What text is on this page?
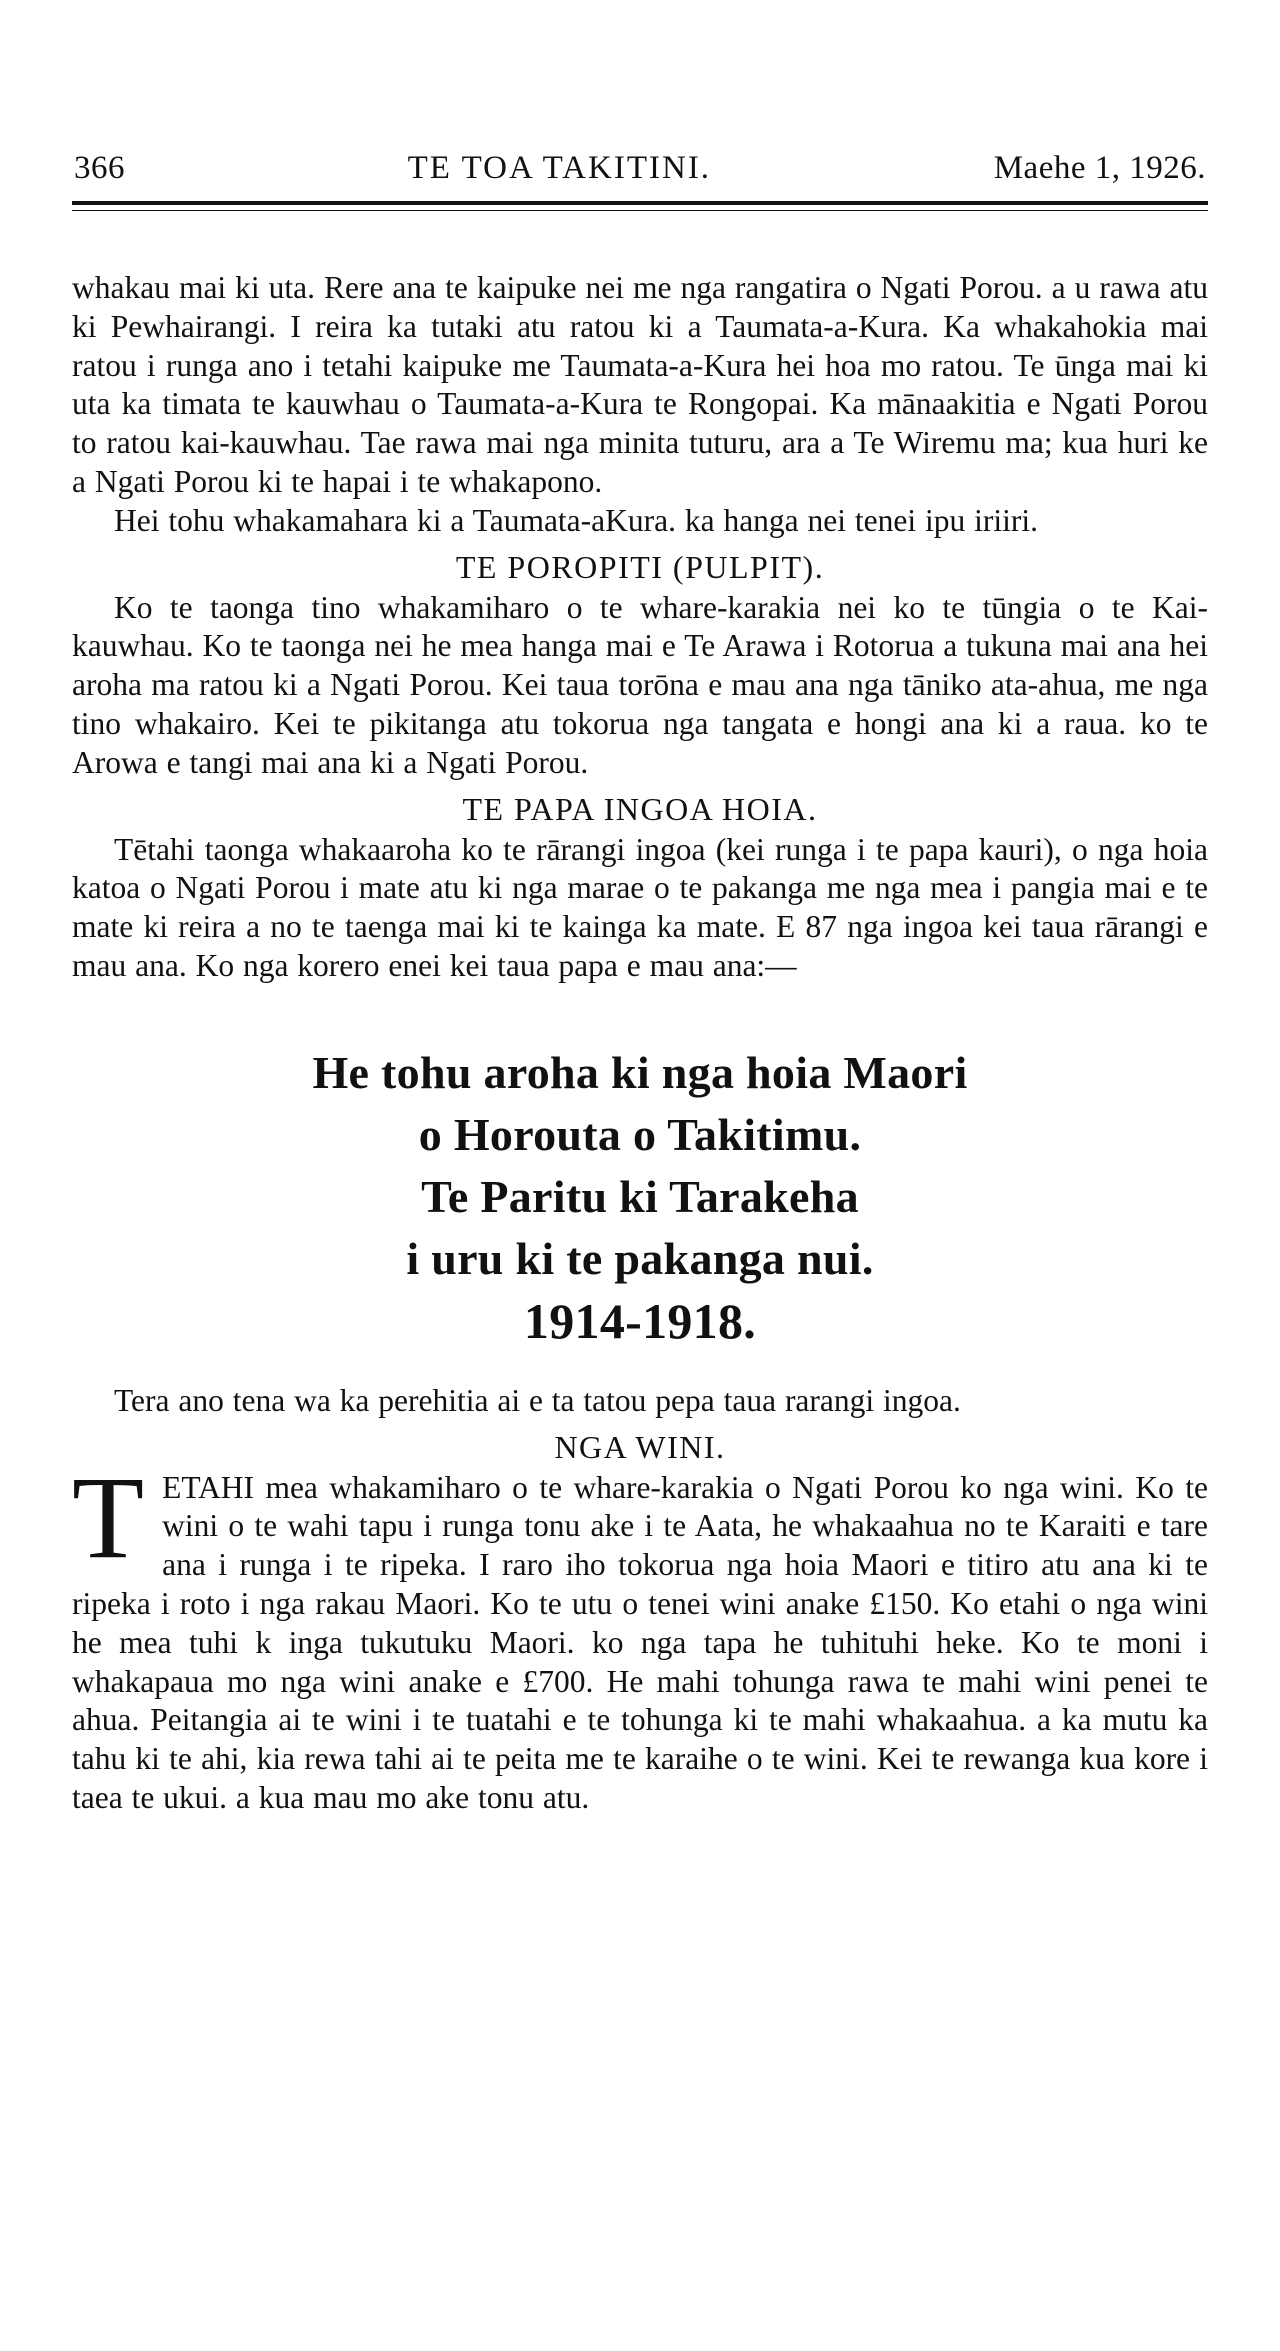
366	TE TOA TAKITINI.	Maehe 1, 1926.

whakau mai ki uta. Rere ana te kaipuke nei me nga rangatira o Ngati Porou. a u rawa atu ki Pewhairangi. I reira ka tutaki atu ratou ki a Taumata-a-Kura. Ka whakahokia mai ratou i runga ano i tetahi kaipuke me Taumata-a-Kura hei hoa mo ratou. Te ūnga mai ki uta ka timata te kauwhau o Taumata-a-Kura te Rongopai. Ka mānaakitia e Ngati Porou to ratou kai-kauwhau. Tae rawa mai nga minita tuturu, ara a Te Wiremu ma; kua huri ke a Ngati Porou ki te hapai i te whakapono.

Hei tohu whakamahara ki a Taumata-aKura. ka hanga nei tenei ipu iriiri.

TE POROPITI (PULPIT).

Ko te taonga tino whakamiharo o te whare-karakia nei ko te tūngia o te Kai-kauwhau. Ko te taonga nei he mea hanga mai e Te Arawa i Rotorua a tukuna mai ana hei aroha ma ratou ki a Ngati Porou. Kei taua torōna e mau ana nga tāniko ata-ahua, me nga tino whakairo. Kei te pikitanga atu tokorua nga tangata e hongi ana ki a raua. ko te Arowa e tangi mai ana ki a Ngati Porou.

TE PAPA INGOA HOIA.

Tētahi taonga whakaaroha ko te rārangi ingoa (kei runga i te papa kauri), o nga hoia katoa o Ngati Porou i mate atu ki nga marae o te pakanga me nga mea i pangia mai e te mate ki reira a no te taenga mai ki te kainga ka mate. E 87 nga ingoa kei taua rārangi e mau ana. Ko nga korero enei kei taua papa e mau ana:—

He tohu aroha ki nga hoia Maori
o Horouta o Takitimu.
Te Paritu ki Tarakeha
i uru ki te pakanga nui.
1914-1918.

Tera ano tena wa ka perehitia ai e ta tatou pepa taua rarangi ingoa.

NGA WINI.
T ETAHI mea whakamiharo o te whare-karakia o Ngati Porou ko nga wini. Ko te wini o te wahi tapu i runga tonu ake i te Aata, he whakaahua no te Karaiti e tare ana i runga i te ripeka. I raro iho tokorua nga hoia Maori e titiro atu ana ki te ripeka i roto i nga rakau Maori. Ko te utu o tenei wini anake £150. Ko etahi o nga wini he mea tuhi k inga tukutuku Maori. ko nga tapa he tuhituhi heke. Ko te moni i whakapaua mo nga wini anake e £700. He mahi tohunga rawa te mahi wini penei te ahua. Peitangia ai te wini i te tuatahi e te tohunga ki te mahi whakaahua. a ka mutu ka tahu ki te ahi, kia rewa tahi ai te peita me te karaihe o te wini. Kei te rewanga kua kore i taea te ukui. a kua mau mo ake tonu atu.
